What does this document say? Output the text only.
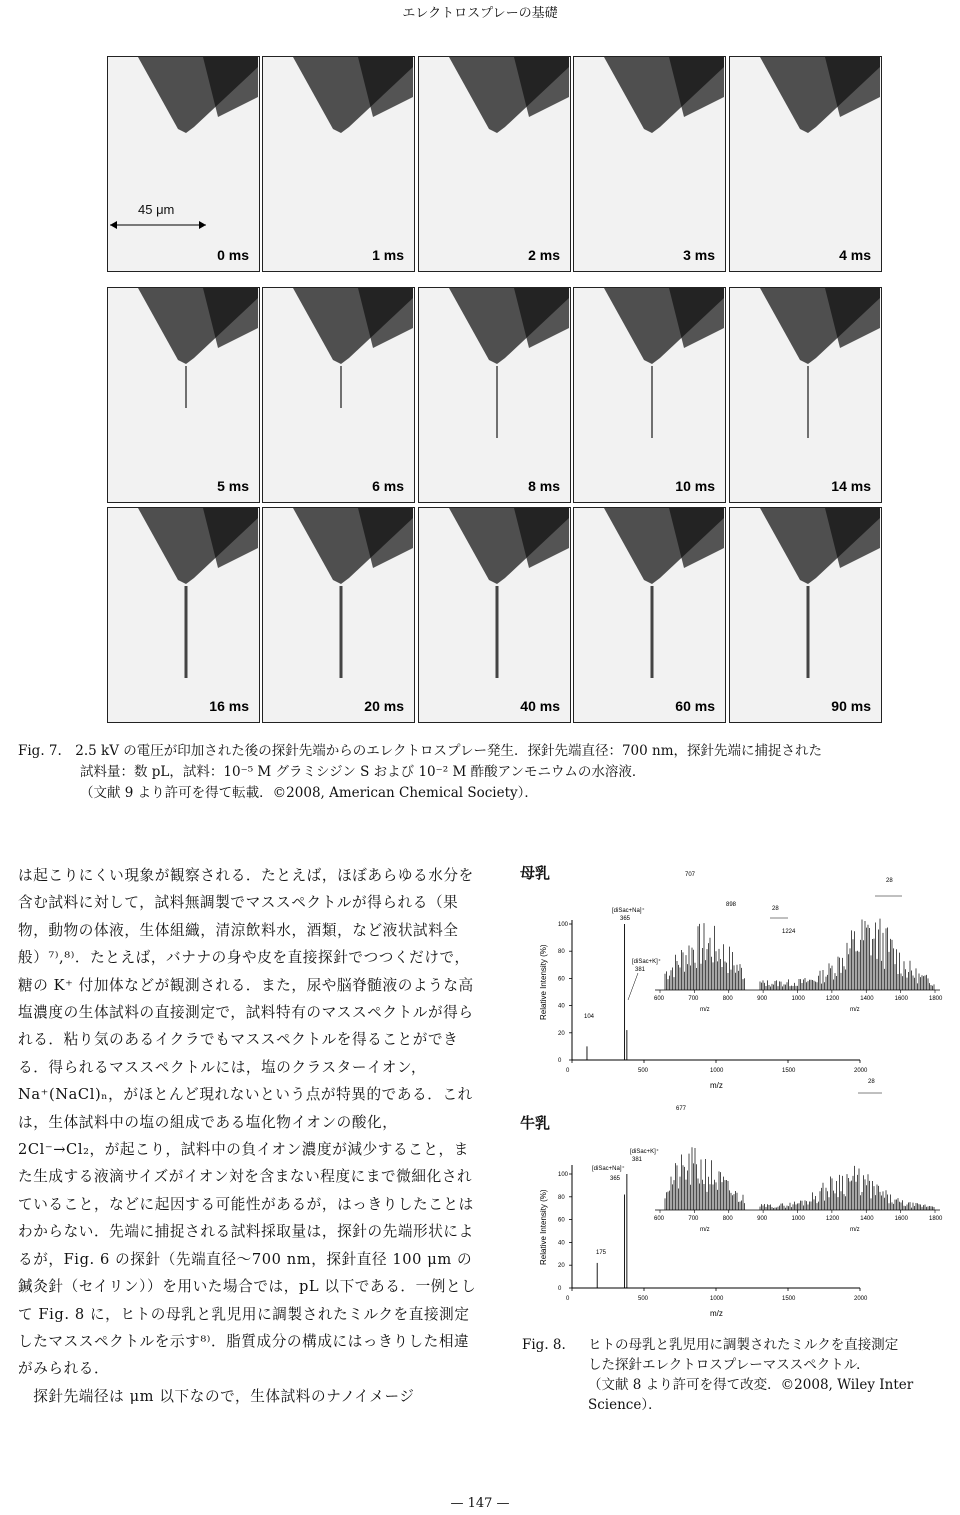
エレクトロスプレーの基礎
0 ms	1 ms	2 ms	3 ms	4 ms
5 ms	6 ms	8 ms	10 ms	14 ms
16 ms	20 ms	40 ms	60 ms	90 ms
45 μm
Fig. 7.　2.5 kV の電圧が印加された後の探針先端からのエレクトロスプレー発生．探針先端直径：700 nm，探針先端に捕捉された
試料量：数 pL，試料：10⁻⁵ M グラミシジン S および 10⁻² M 酢酸アンモニウムの水溶液．
（文献 9 より許可を得て転載．©2008, American Chemical Society）．

は起こりにくい現象が観察される．たとえば，ほぼあらゆる水分を含む試料に対して，試料無調製でマススペクトルが得られる（果物，動物の体液，生体組織，清涼飲料水，酒類，など液状試料全般）⁷⁾,⁸⁾．たとえば，バナナの身や皮を直接探針でつつくだけで，糖の K⁺ 付加体などが観測される．また，尿や脳脊髄液のような高塩濃度の生体試料の直接測定で，試料特有のマススペクトルが得られる．粘り気のあるイクラでもマススペクトルを得ることができる．得られるマススペクトルには，塩のクラスターイオン，Na⁺(NaCl)ₙ，がほとんど現れないという点が特異的である．これは，生体試料中の塩の組成である塩化物イオンの酸化，2Cl⁻→Cl₂，が起こり，試料中の負イオン濃度が減少すること，また生成する液滴サイズがイオン対を含まない程度にまで微細化されていること，などに起因する可能性があるが，はっきりしたことはわからない．先端に捕捉される試料採取量は，探針の先端形状によるが，Fig. 6 の探針（先端直径〜700 nm，探針直径 100 μm の鍼灸針（セイリン））を用いた場合では，pL 以下である．一例として Fig. 8 に，ヒトの母乳と乳児用に調製されたミルクを直接測定したマススペクトルを示す⁸⁾．脂質成分の構成にはっきりした相違がみられる．

　探針先端径は μm 以下なので，生体試料のナノイメージ

母乳
牛乳
Relative Intensity (%)
m/z
0
20
40
60
80
100
0	500	1000	1500	2000
600	700	800	900	1000	1200	1400	1600	1800
m/z	m/z
[diSac+Na]⁺
365
[diSac+K]⁺
381
104
707
898
28
1224
28
Relative Intensity (%)
m/z
0
20
40
60
80
100
0	500	1000	1500	2000
600	700	800	900	1000	1200	1400	1600	1800
m/z	m/z
[diSac+Na]⁺
365
[diSac+K]⁺
381
175
677
28
Fig. 8. ヒトの母乳と乳児用に調製されたミルクを直接測定
した探針エレクトロスプレーマススペクトル．
（文献 8 より許可を得て改変．©2008, Wiley Inter
Science）．
— 147 —
